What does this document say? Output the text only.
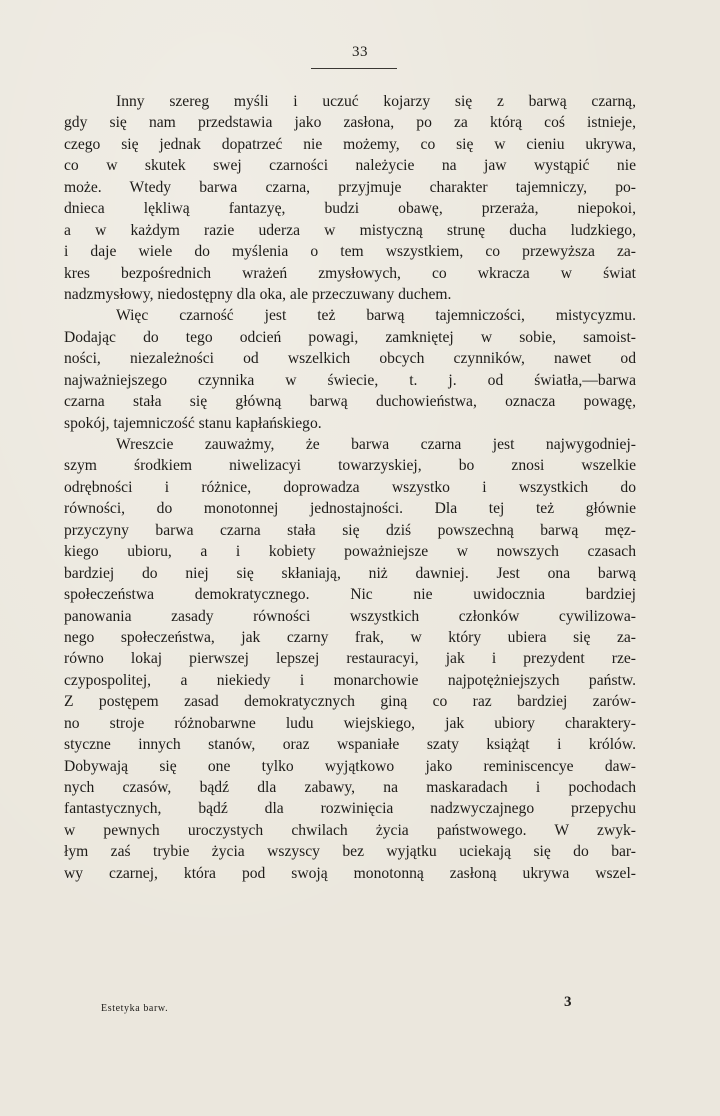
33
Inny szereg myśli i uczuć kojarzy się z barwą czarną,
gdy się nam przedstawia jako zasłona, po za którą coś istnieje,
czego się jednak dopatrzeć nie możemy, co się w cieniu ukrywa,
co w skutek swej czarności należycie na jaw wystąpić nie
może. Wtedy barwa czarna, przyjmuje charakter tajemniczy, po-
dnieca lękliwą fantazyę, budzi obawę, przeraża, niepokoi,
a w każdym razie uderza w mistyczną strunę ducha ludzkiego,
i daje wiele do myślenia o tem wszystkiem, co przewyższa za-
kres bezpośrednich wrażeń zmysłowych, co wkracza w świat
nadzmysłowy, niedostępny dla oka, ale przeczuwany duchem.
Więc czarność jest też barwą tajemniczości, mistycyzmu.
Dodając do tego odcień powagi, zamkniętej w sobie, samoist-
ności, niezależności od wszelkich obcych czynników, nawet od
najważniejszego czynnika w świecie, t. j. od światła,—barwa
czarna stała się główną barwą duchowieństwa, oznacza powagę,
spokój, tajemniczość stanu kapłańskiego.
Wreszcie zauważmy, że barwa czarna jest najwygodniej-
szym środkiem niwelizacyi towarzyskiej, bo znosi wszelkie
odrębności i różnice, doprowadza wszystko i wszystkich do
równości, do monotonnej jednostajności. Dla tej też głównie
przyczyny barwa czarna stała się dziś powszechną barwą męz-
kiego ubioru, a i kobiety poważniejsze w nowszych czasach
bardziej do niej się skłaniają, niż dawniej. Jest ona barwą
społeczeństwa demokratycznego. Nic nie uwidocznia bardziej
panowania zasady równości wszystkich członków cywilizowa-
nego społeczeństwa, jak czarny frak, w który ubiera się za-
równo lokaj pierwszej lepszej restauracyi, jak i prezydent rze-
czypospolitej, a niekiedy i monarchowie najpotężniejszych państw.
Z postępem zasad demokratycznych giną co raz bardziej zarów-
no stroje różnobarwne ludu wiejskiego, jak ubiory charaktery-
styczne innych stanów, oraz wspaniałe szaty książąt i królów.
Dobywają się one tylko wyjątkowo jako reminiscencye daw-
nych czasów, bądź dla zabawy, na maskaradach i pochodach
fantastycznych, bądź dla rozwinięcia nadzwyczajnego przepychu
w pewnych uroczystych chwilach życia państwowego. W zwyk-
łym zaś trybie życia wszyscy bez wyjątku uciekają się do bar-
wy czarnej, która pod swoją monotonną zasłoną ukrywa wszel-
Estetyka barw.	3
